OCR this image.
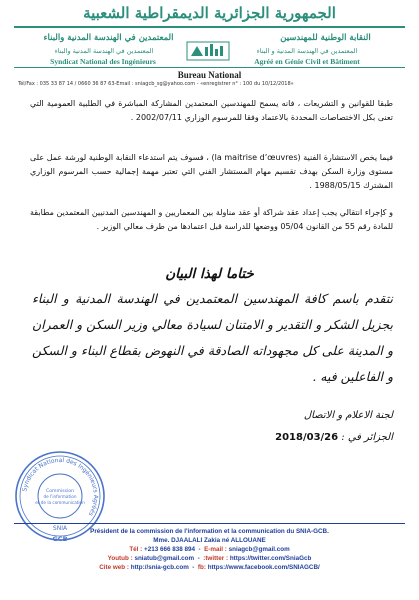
الجمهورية الجزائرية الديمقراطية الشعبية
النقابة الوطنية للمهندسين
المعتمدين في الهندسة المدنية والبناء
المعتمدين في الهندسة المدنية والبناء	المعتمدين في الهندسة المدنية و البناء
Syndicat National des Ingénieurs	Agréé en Génie Civil et Bâtiment
Bureau National
Tél/Fax : 035 33 87 14 / 0660 36 87 63-Email : sniagcb_sg@yahoo.com - «enregistrer n° : 100 du 10/12/2018»
طبقا للقوانين و التشريعات ، فانه يسمح للمهندسين المعتمدين المشاركة المباشرة في الطلبية العمومية التي تعنى بكل الاختصاصات المحددة بالاعتماد وفقا للمرسوم الوزاري 2002/07/11 .
فيما يخص الاستشارة الفنية (la maitrise d’œuvres) ، فسوف يتم استدعاء النقابة الوطنية لورشة عمل على مستوى وزارة السكن بهدف تقسيم مهام المستشار الفني التي تعتبر مهمة إجمالية حسب المرسوم الوزاري المشترك 1988/05/15 .
و كإجراء انتقالي يجب إعداد عقد شراكة أو عقد مناولة بين المعماريين و المهندسين المدنيين المعتمدين مطابقة للمادة رقم 55 من القانون 05/04 ووضعها للدراسة قبل اعتمادها من طرف معالي الوزير .
ختاما لهذا البيان
نتقدم باسم كافة المهندسين المعتمدين في الهندسة المدنية و البناء بجزيل الشكر و التقدير و الامتنان لسيادة معالي وزير السكن و العمران و المدينة على كل مجهوداته الصادقة في النهوض بقطاع البناء و السكن و الفاعلين فيه .
لجنة الاعلام و الاتصال
الجزائر في : 2018/03/26
Syndicat National des Ingénieurs Agréés
Commission
de l'information
et de la communication
SNIA
GCB
Président de la commission de l'information et la communication du SNIA-GCB.
Mme. DJAALALI Zakia né ALLOUANE
Tél : +213 666 838 894  -  E-mail : sniagcb@gmail.com
Youtub : sniatub@gmail.com  -  :twitter : https://twitter.com/SniaGcb
Cite web : http://snia-gcb.com  -  fb: https://www.facebook.com/SNIAGCB/
